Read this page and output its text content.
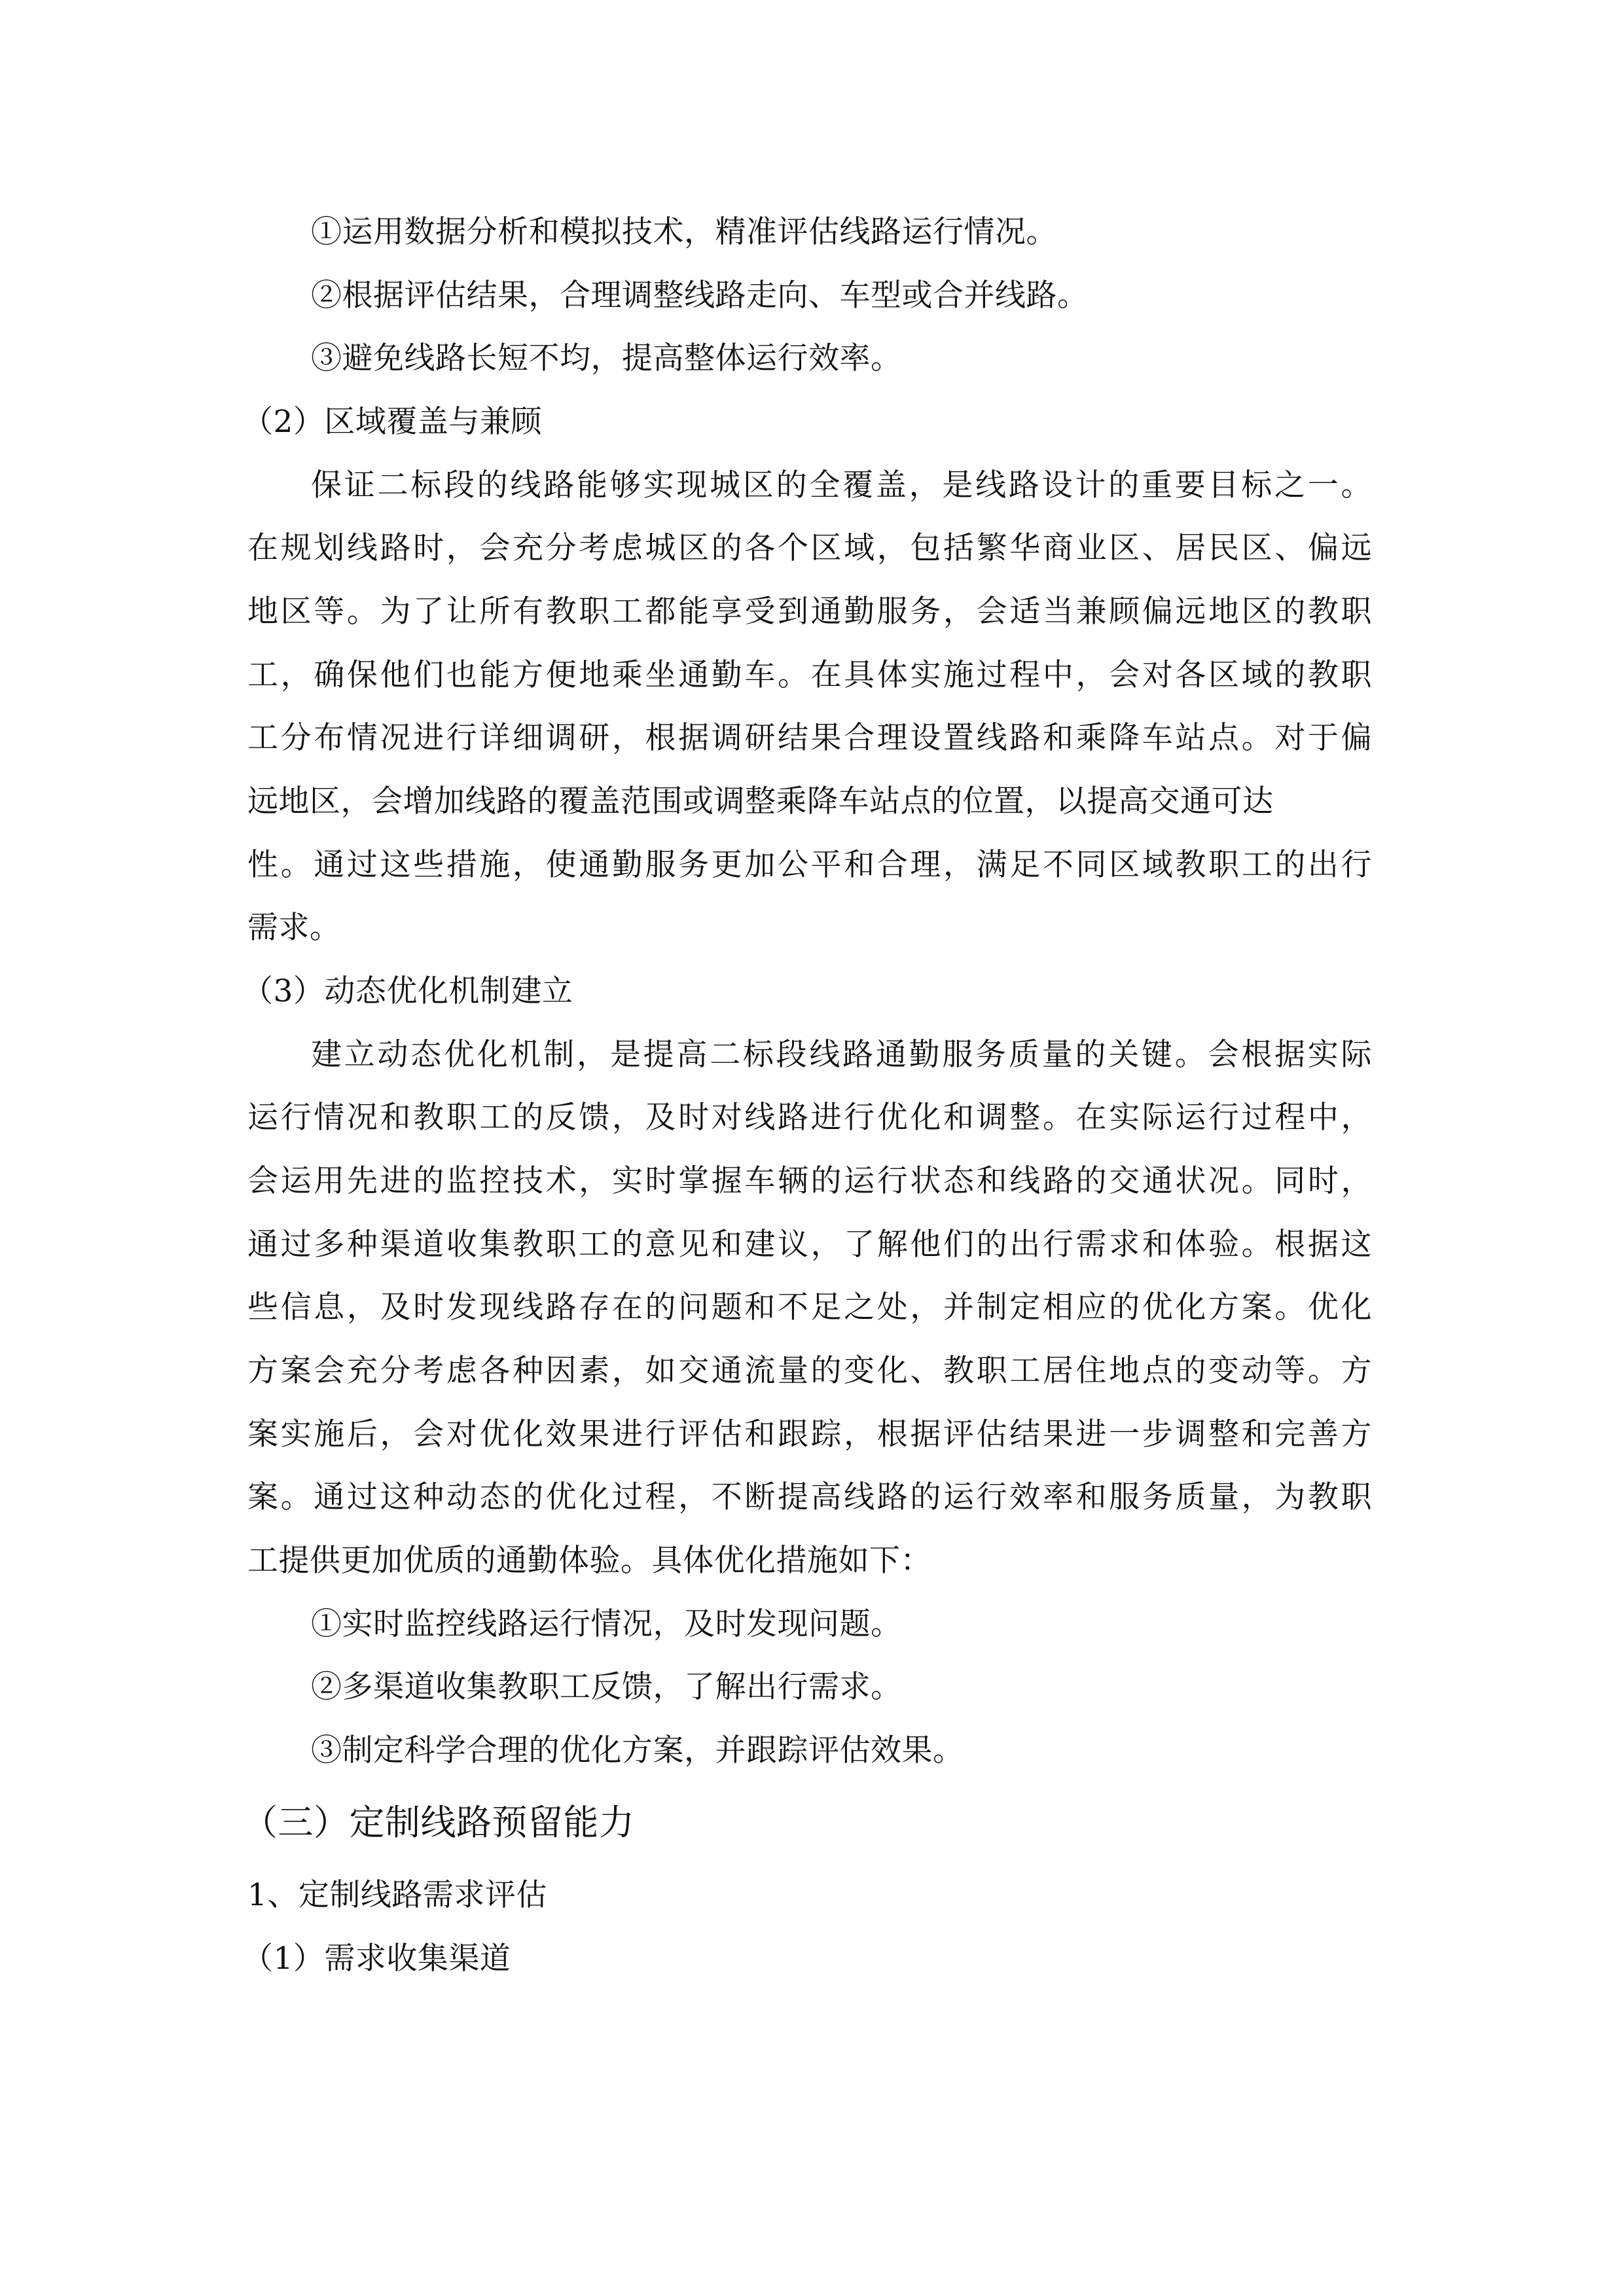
①运用数据分析和模拟技术，精准评估线路运行情况。
②根据评估结果，合理调整线路走向、车型或合并线路。
③避免线路长短不均，提高整体运行效率。
（2）区域覆盖与兼顾
保证二标段的线路能够实现城区的全覆盖，是线路设计的重要目标之一。
在规划线路时，会充分考虑城区的各个区域，包括繁华商业区、居民区、偏远
地区等。为了让所有教职工都能享受到通勤服务，会适当兼顾偏远地区的教职
工，确保他们也能方便地乘坐通勤车。在具体实施过程中，会对各区域的教职
工分布情况进行详细调研，根据调研结果合理设置线路和乘降车站点。对于偏
远地区，会增加线路的覆盖范围或调整乘降车站点的位置，以提高交通可达
性。通过这些措施，使通勤服务更加公平和合理，满足不同区域教职工的出行
需求。
（3）动态优化机制建立
建立动态优化机制，是提高二标段线路通勤服务质量的关键。会根据实际
运行情况和教职工的反馈，及时对线路进行优化和调整。在实际运行过程中，
会运用先进的监控技术，实时掌握车辆的运行状态和线路的交通状况。同时，
通过多种渠道收集教职工的意见和建议，了解他们的出行需求和体验。根据这
些信息，及时发现线路存在的问题和不足之处，并制定相应的优化方案。优化
方案会充分考虑各种因素，如交通流量的变化、教职工居住地点的变动等。方
案实施后，会对优化效果进行评估和跟踪，根据评估结果进一步调整和完善方
案。通过这种动态的优化过程，不断提高线路的运行效率和服务质量，为教职
工提供更加优质的通勤体验。具体优化措施如下：
①实时监控线路运行情况，及时发现问题。
②多渠道收集教职工反馈，了解出行需求。
③制定科学合理的优化方案，并跟踪评估效果。
（三）定制线路预留能力
1、定制线路需求评估
（1）需求收集渠道
